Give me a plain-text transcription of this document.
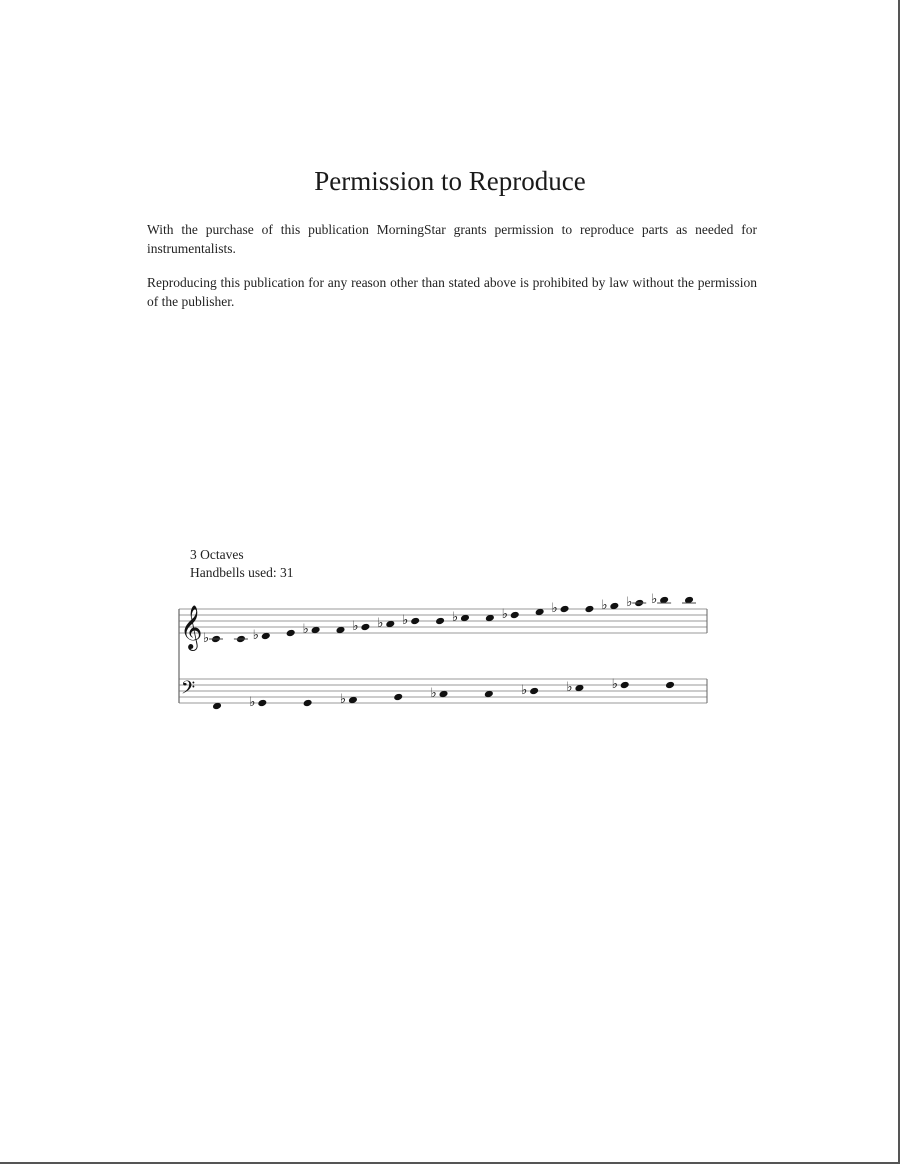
Permission to Reproduce
With the purchase of this publication MorningStar grants permission to reproduce parts as needed for instrumentalists.
Reproducing this publication for any reason other than stated above is prohibited by law without the permission of the publisher.
3 Octaves
Handbells used: 31
𝄞
𝄢
♭	♭	♭	♭ ♭ ♭	♭	♭	♭	♭ ♭ ♭
♭	♭	♭	♭	♭	♭
